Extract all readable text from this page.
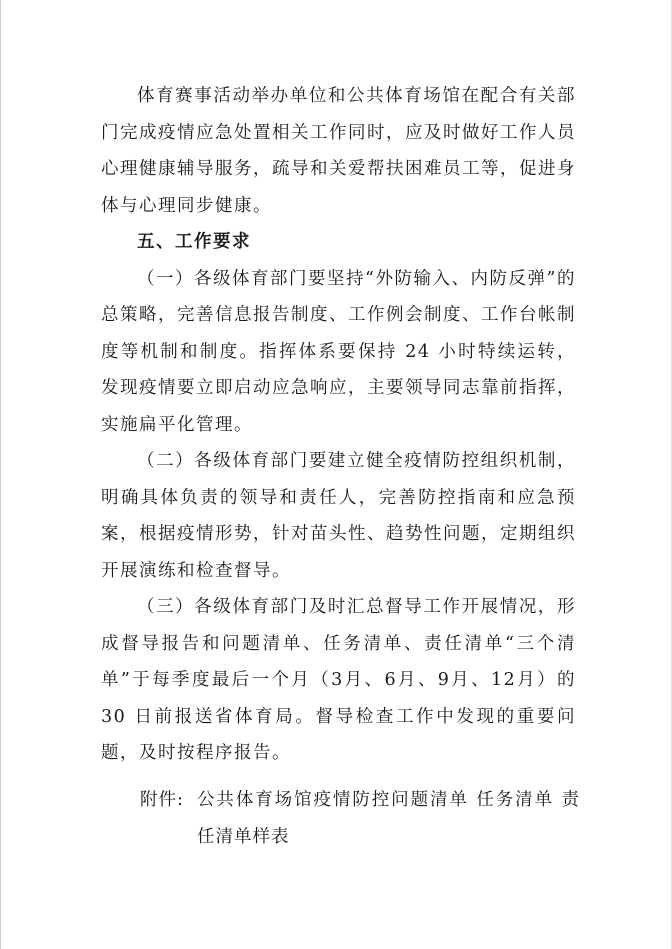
体育赛事活动举办单位和公共体育场馆在配合有关部门完成疫情应急处置相关工作同时，应及时做好工作人员心理健康辅导服务，疏导和关爱帮扶困难员工等，促进身体与心理同步健康。

五、工作要求

（一）各级体育部门要坚持“外防输入、内防反弹”的总策略，完善信息报告制度、工作例会制度、工作台帐制度等机制和制度。指挥体系要保持 24 小时特续运转，发现疫情要立即启动应急响应，主要领导同志靠前指挥，实施扁平化管理。

（二）各级体育部门要建立健全疫情防控组织机制，明确具体负责的领导和责任人，完善防控指南和应急预案，根据疫情形势，针对苗头性、趋势性问题，定期组织开展演练和检查督导。

（三）各级体育部门及时汇总督导工作开展情况，形成督导报告和问题清单、任务清单、责任清单“三个清单”于每季度最后一个月（3月、6月、9月、12月）的 30 日前报送省体育局。督导检查工作中发现的重要问题，及时按程序报告。

附件: 公共体育场馆疫情防控问题清单 任务清单 责任清单样表
